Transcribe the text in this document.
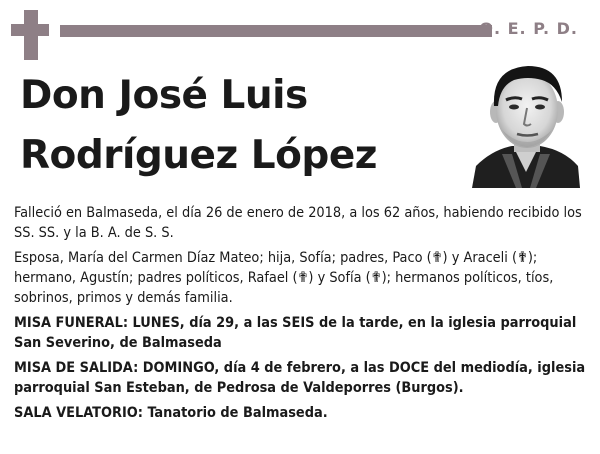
Q. E. P. D.
Don José Luis
Rodríguez López

Falleció en Balmaseda, el día 26 de enero de 2018, a los 62 años, habiendo recibido los SS. SS. y la B. A. de S. S.

Esposa, María del Carmen Díaz Mateo; hija, Sofía; padres, Paco (✟) y Araceli (✟); hermano, Agustín; padres políticos, Rafael (✟) y Sofía (✟); hermanos políticos, tíos, sobrinos, primos y demás familia.

MISA FUNERAL: LUNES, día 29, a las SEIS de la tarde, en la iglesia parroquial San Severino, de Balmaseda

MISA DE SALIDA: DOMINGO, día 4 de febrero, a las DOCE del mediodía, iglesia parroquial San Esteban, de Pedrosa de Valdeporres (Burgos).

SALA VELATORIO: Tanatorio de Balmaseda.
